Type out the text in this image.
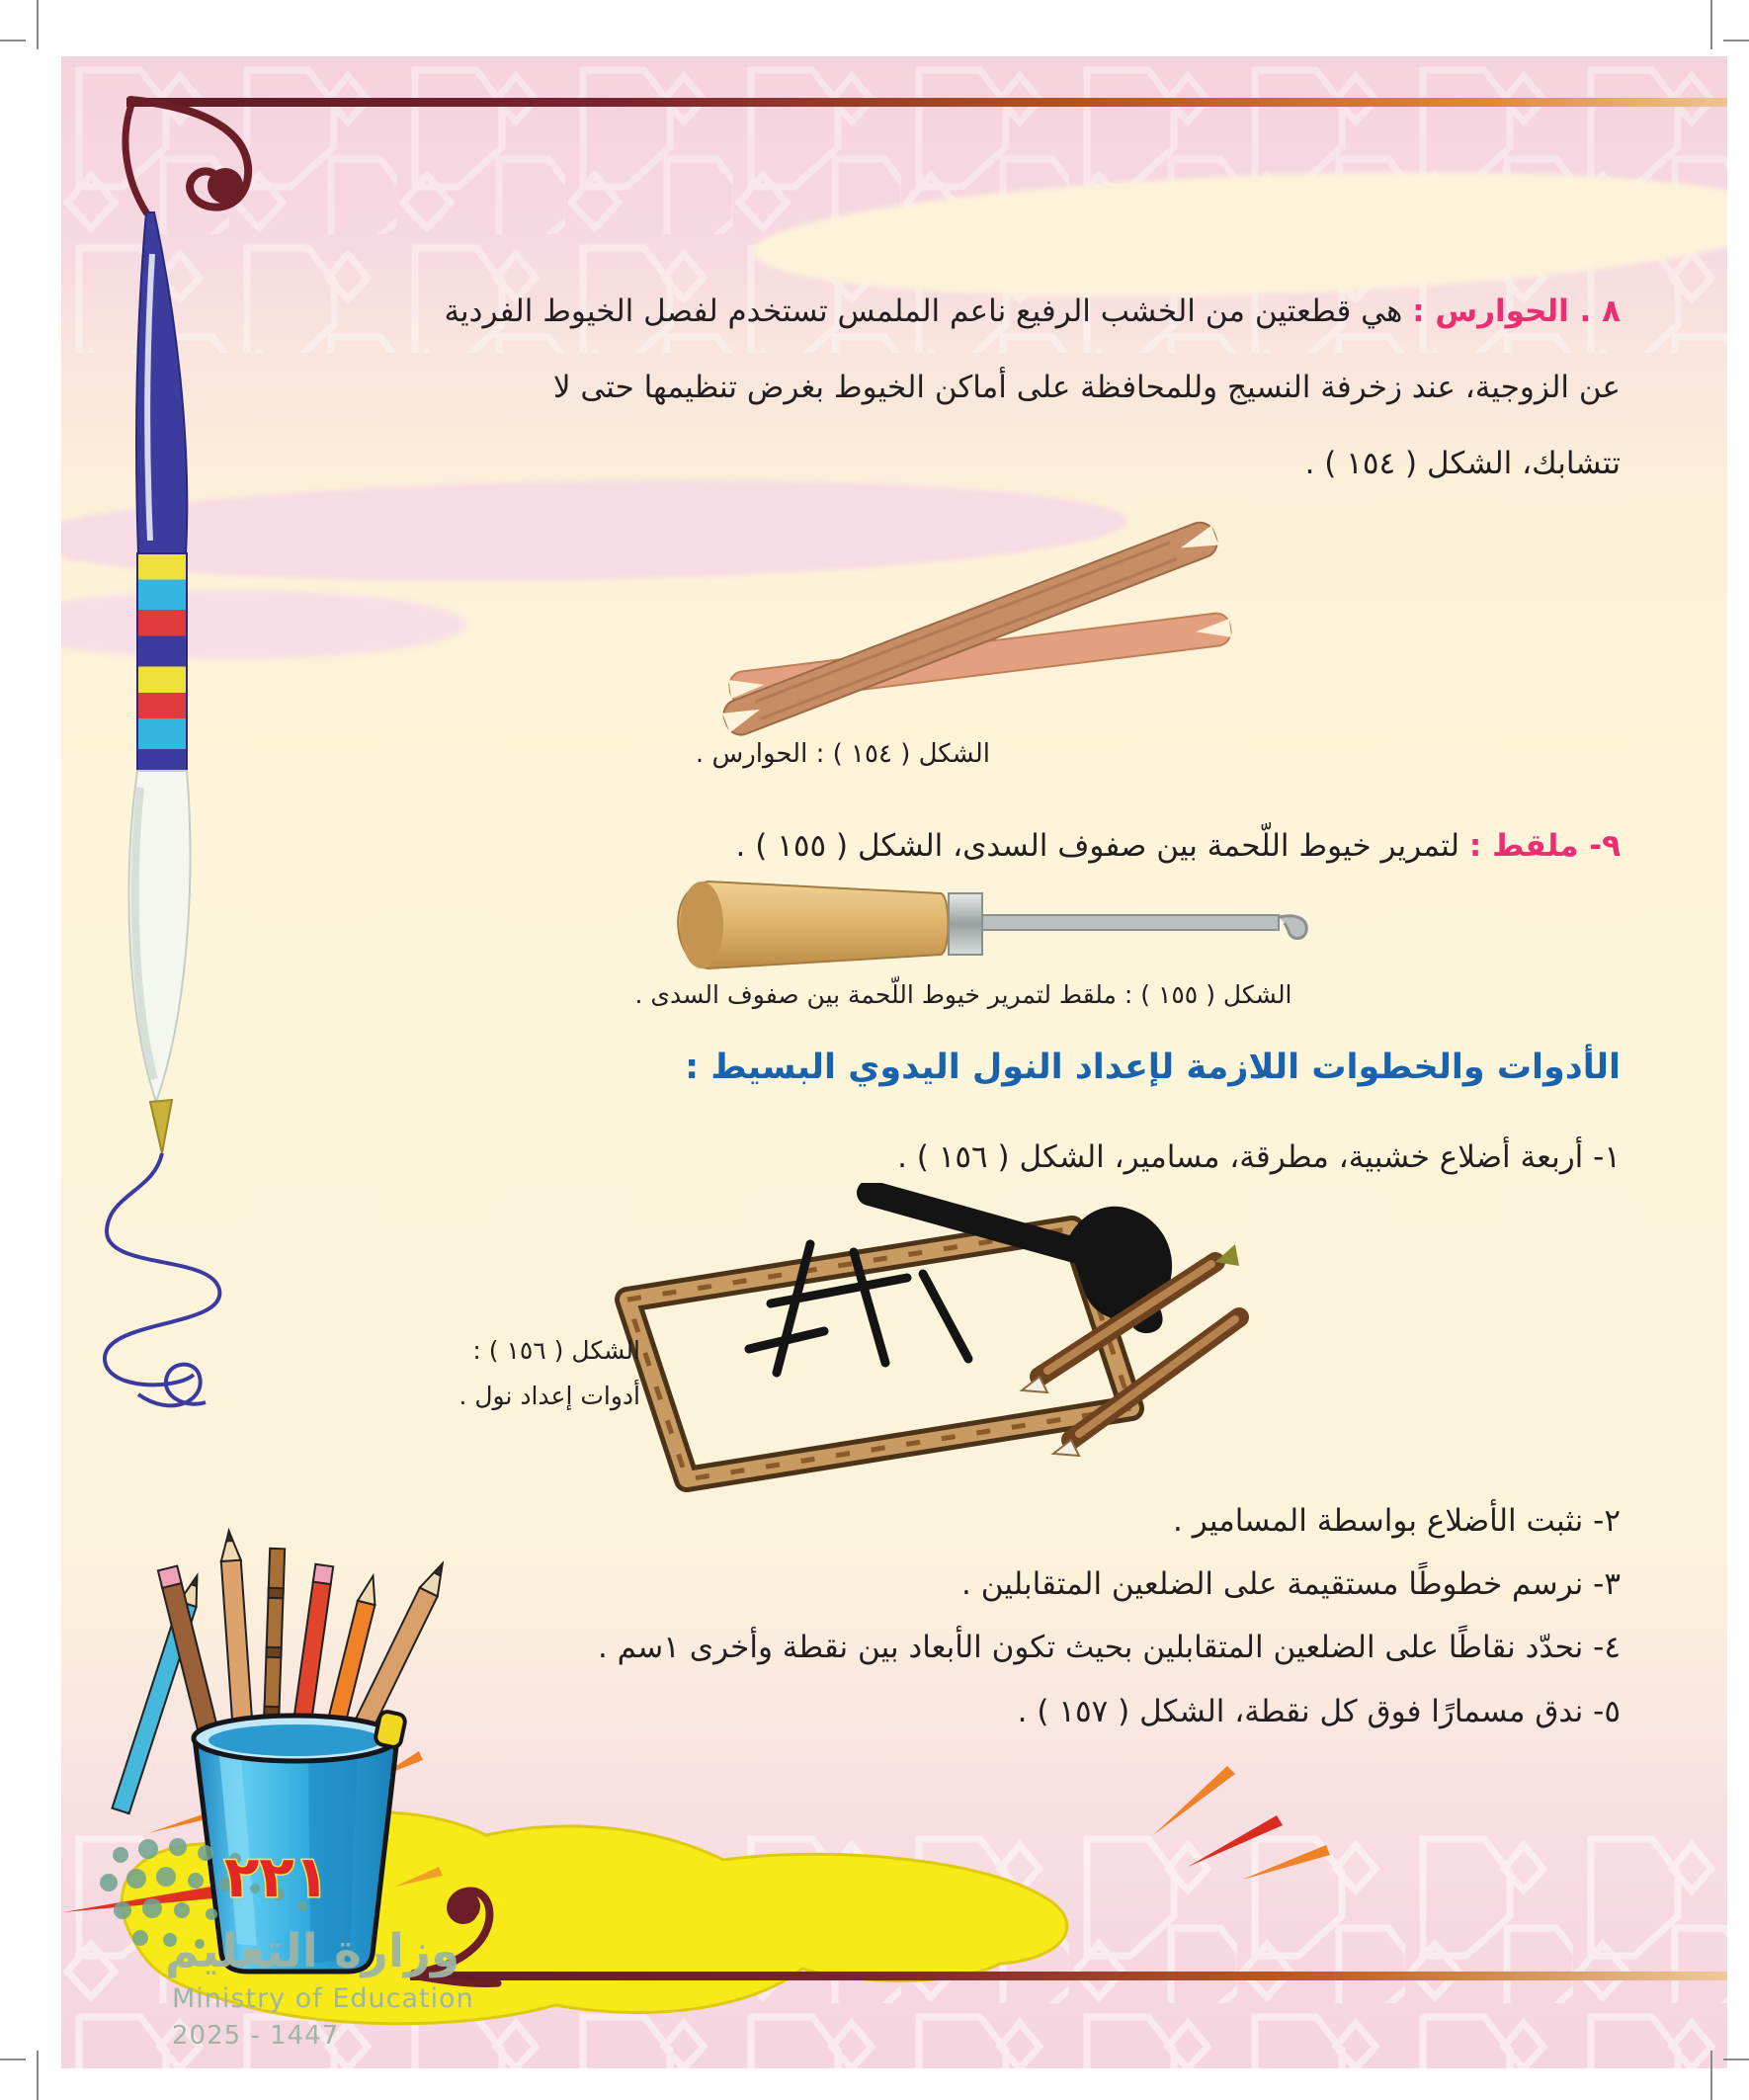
٨ . الحوارس : هي قطعتين من الخشب الرفيع ناعم الملمس تستخدم لفصل الخيوط الفردية
عن الزوجية، عند زخرفة النسيج وللمحافظة على أماكن الخيوط بغرض تنظيمها حتى لا
تتشابك، الشكل ( ١٥٤ ) .
الشكل ( ١٥٤ ) : الحوارس .
٩- ملقط : لتمرير خيوط اللّحمة بين صفوف السدى، الشكل ( ١٥٥ ) .
الشكل ( ١٥٥ ) : ملقط لتمرير خيوط اللّحمة بين صفوف السدى .
الأدوات والخطوات اللازمة لإعداد النول اليدوي البسيط :
١- أربعة أضلاع خشبية، مطرقة، مسامير، الشكل ( ١٥٦ ) .
الشكل ( ١٥٦ ) :
أدوات إعداد نول .
٢- نثبت الأضلاع بواسطة المسامير .
٣- نرسم خطوطًا مستقيمة على الضلعين المتقابلين .
٤- نحدّد نقاطًا على الضلعين المتقابلين بحيث تكون الأبعاد بين نقطة وأخرى ١سم .
٥- ندق مسمارًا فوق كل نقطة، الشكل ( ١٥٧ ) .
وزارة التعليم
Ministry of Education
2025 - 1447
٢٢١
